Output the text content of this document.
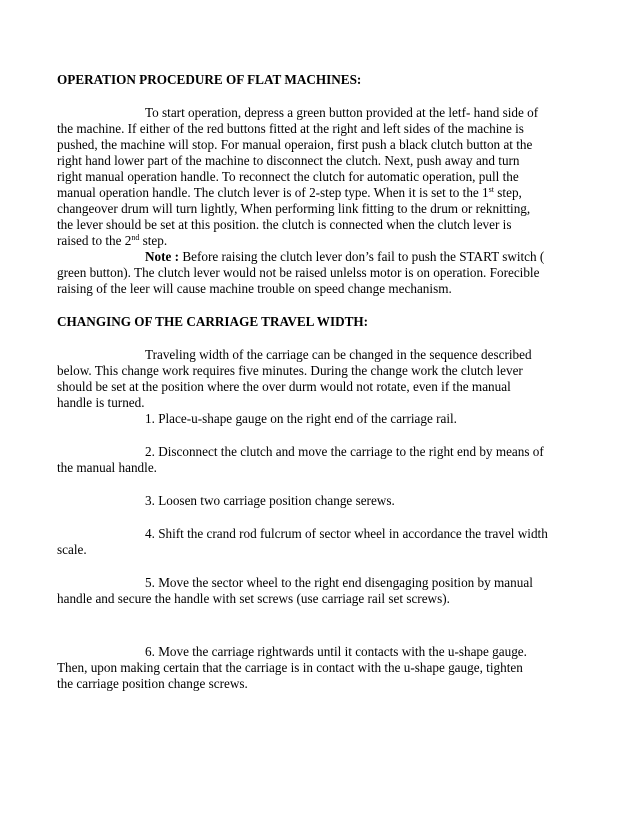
OPERATION PROCEDURE OF FLAT MACHINES:
To start operation, depress a green button provided at the letf- hand side of
the machine. If either of the red buttons fitted at the right and left sides of the machine is
pushed, the machine will stop. For manual operaion, first push a black clutch button at the
right hand lower part of the machine to disconnect the clutch. Next, push away and turn
right manual operation handle. To reconnect the clutch for automatic operation, pull the
manual operation handle. The clutch lever is of 2-step type. When it is set to the 1st step,
changeover drum will turn lightly, When performing link fitting to the drum or reknitting,
the lever should be set at this position. the clutch is connected when the clutch lever is
raised to the 2nd step.
Note : Before raising the clutch lever don’s fail to push the START switch (
green button). The clutch lever would not be raised unlelss motor is on operation. Forecible
raising of the leer will cause machine trouble on speed change mechanism.
CHANGING OF THE CARRIAGE TRAVEL WIDTH:
Traveling width of the carriage can be changed in the sequence described
below. This change work requires five minutes. During the change work the clutch lever
should be set at the position where the over durm would not rotate, even if the manual
handle is turned.
1. Place-u-shape gauge on the right end of the carriage rail.
2. Disconnect the clutch and move the carriage to the right end by means of
the manual handle.
3. Loosen two carriage position change serews.
4. Shift the crand rod fulcrum of sector wheel in accordance the travel width
scale.
5. Move the sector wheel to the right end disengaging position by manual
handle and secure the handle with set screws (use carriage rail set screws).
6. Move the carriage rightwards until it contacts with the u-shape gauge.
Then, upon making certain that the carriage is in contact with the u-shape gauge, tighten
the carriage position change screws.
